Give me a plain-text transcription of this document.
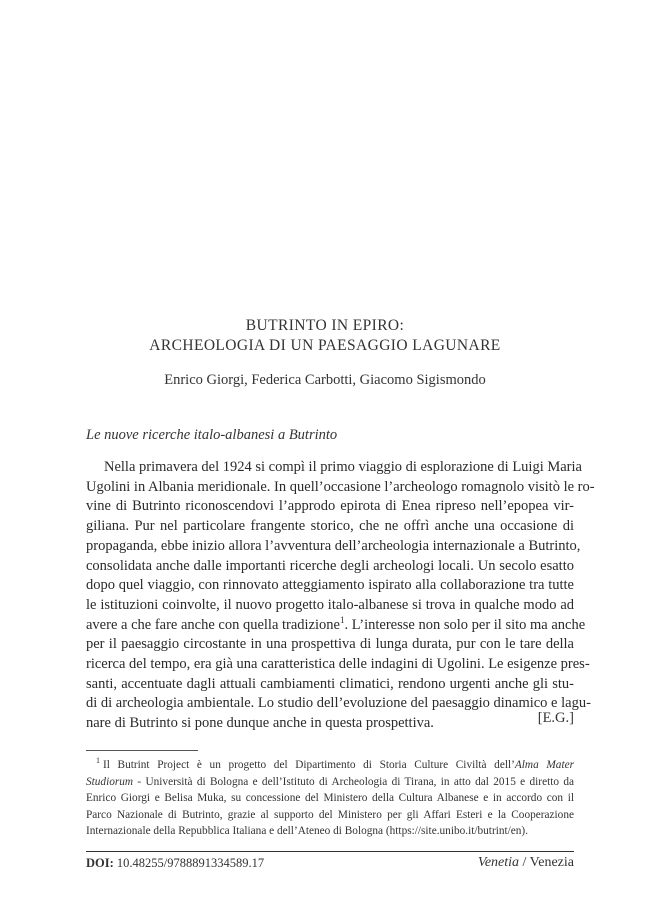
BUTRINTO IN EPIRO:
ARCHEOLOGIA DI UN PAESAGGIO LAGUNARE
Enrico Giorgi, Federica Carbotti, Giacomo Sigismondo
Le nuove ricerche italo-albanesi a Butrinto
Nella primavera del 1924 si compì il primo viaggio di esplorazione di Luigi Maria
Ugolini in Albania meridionale. In quell’occasione l’archeologo romagnolo visitò le ro-
vine di Butrinto riconoscendovi l’approdo epirota di Enea ripreso nell’epopea vir-
giliana. Pur nel particolare frangente storico, che ne offrì anche una occasione di
propaganda, ebbe inizio allora l’avventura dell’archeologia internazionale a Butrinto,
consolidata anche dalle importanti ricerche degli archeologi locali. Un secolo esatto
dopo quel viaggio, con rinnovato atteggiamento ispirato alla collaborazione tra tutte
le istituzioni coinvolte, il nuovo progetto italo-albanese si trova in qualche modo ad
avere a che fare anche con quella tradizione$^1$. L’interesse non solo per il sito ma anche
per il paesaggio circostante in una prospettiva di lunga durata, pur con le tare della
ricerca del tempo, era già una caratteristica delle indagini di Ugolini. Le esigenze pres-
santi, accentuate dagli attuali cambiamenti climatici, rendono urgenti anche gli stu-
di di archeologia ambientale. Lo studio dell’evoluzione del paesaggio dinamico e lagu-
nare di Butrinto si pone dunque anche in questa prospettiva.	[E.G.]
$^1$ Il Butrint Project è un progetto del Dipartimento di Storia Culture Civiltà dell’Alma Mater
Studiorum - Università di Bologna e dell’Istituto di Archeologia di Tirana, in atto dal 2015 e diretto da
Enrico Giorgi e Belisa Muka, su concessione del Ministero della Cultura Albanese e in accordo con il
Parco Nazionale di Butrinto, grazie al supporto del Ministero per gli Affari Esteri e la Cooperazione
Internazionale della Repubblica Italiana e dell’Ateneo di Bologna (https://site.unibo.it/butrint/en).
DOI: 10.48255/9788891334589.17	Venetia / Venezia
